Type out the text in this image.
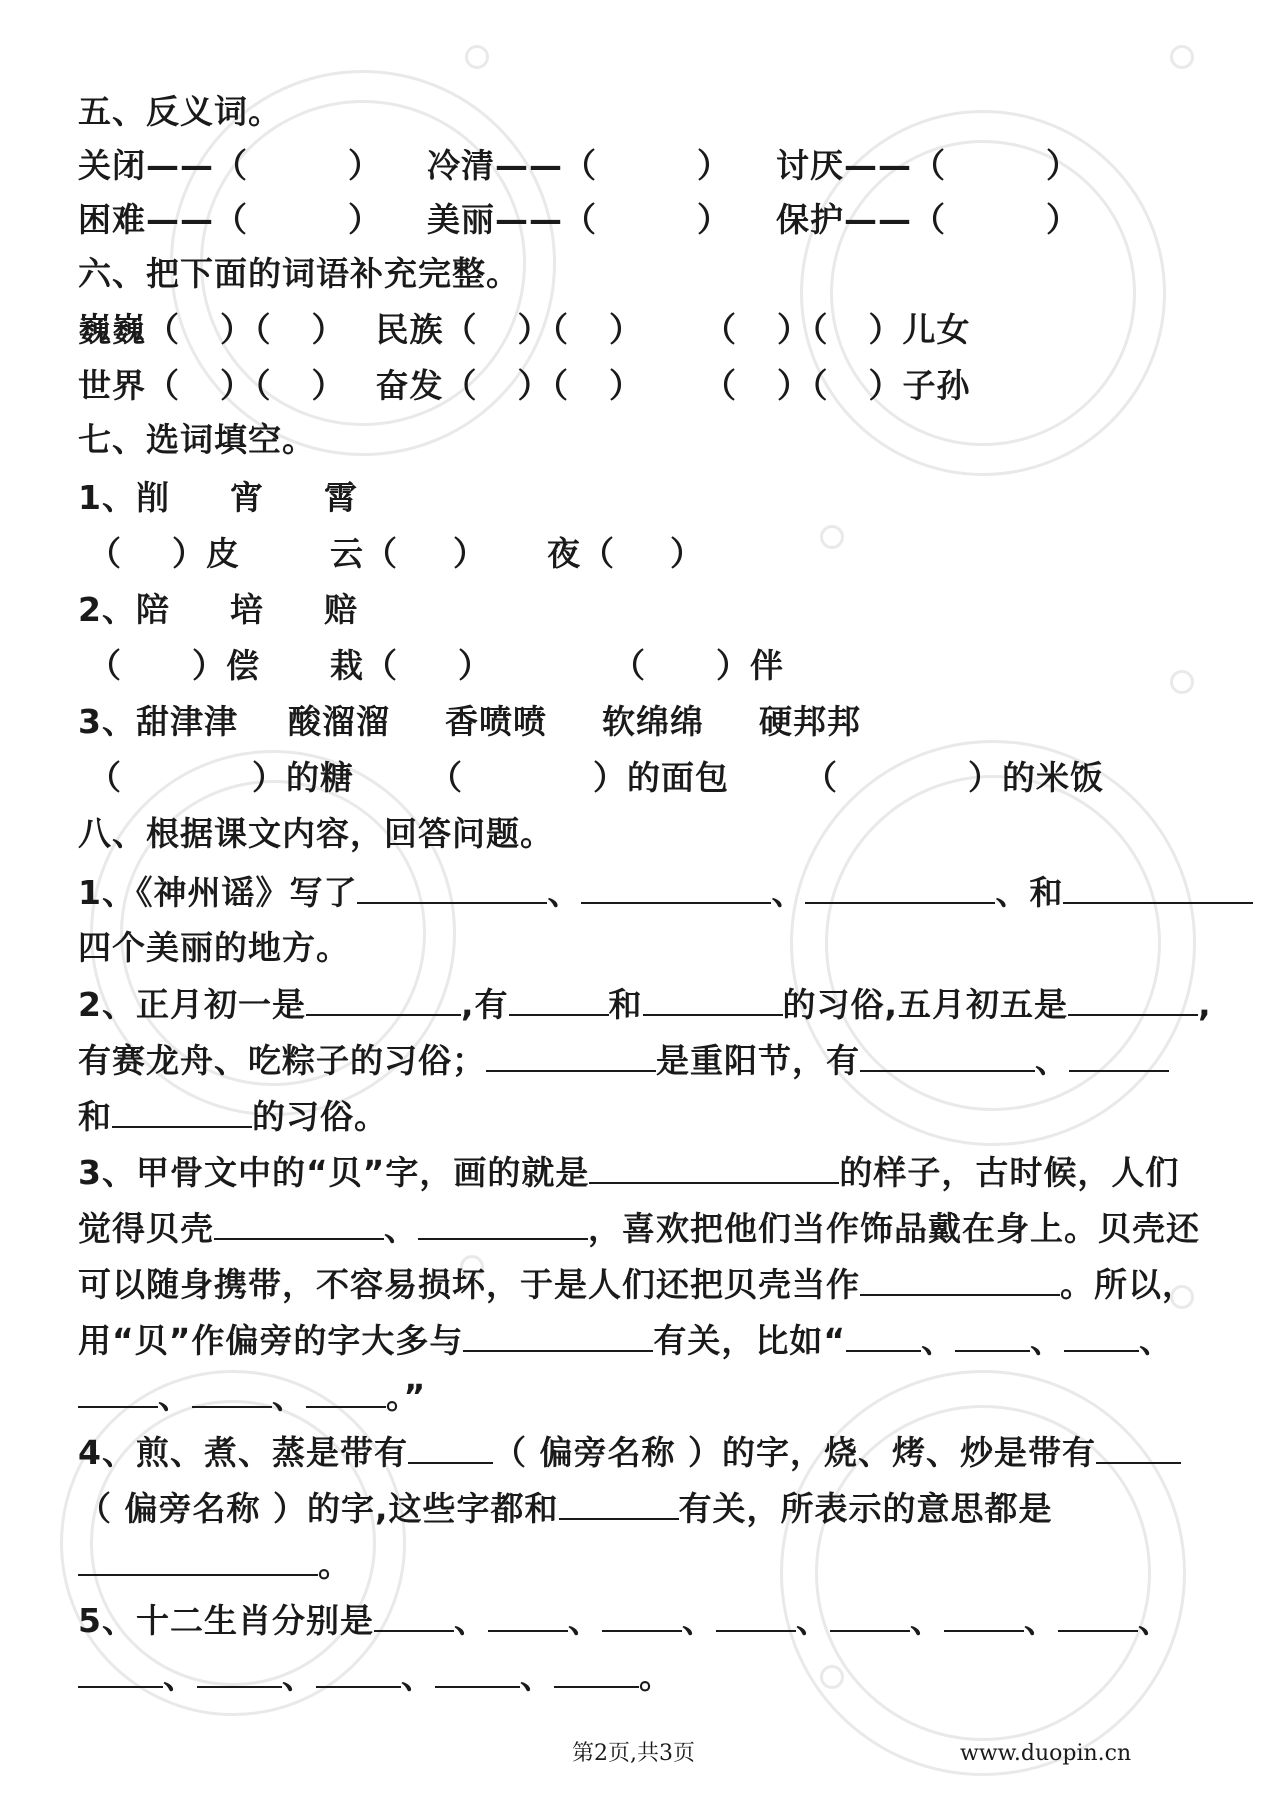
五、反义词。
关闭——（	） 冷清——（	） 讨厌——（	）
困难——（	） 美丽——（	） 保护——（	）
六、把下面的词语补充完整。
巍巍（ ）（ ） 民族（ ）（ ） （ ）（ ）儿女
世界（ ）（ ） 奋发（ ）（ ） （ ）（ ）子孙
七、选词填空。
1、削 宵 霄
（ ）皮	云（ ） 夜（ ）
2、陪 培 赔
（ ）偿 栽（ ）	（ ）伴
3、甜津津 酸溜溜 香喷喷 软绵绵 硬邦邦
（	）的糖 （	）的面包 （	）的米饭
八、根据课文内容，回答问题。
1、《神州谣》写了	、	、	、和
四个美丽的地方。
2、正月初一是	,有	和	的习俗,五月初五是	,
有赛龙舟、吃粽子的习俗；	是重阳节，有	、
和	的习俗。
3、甲骨文中的“贝”字，画的就是	的样子，古时候，人们
觉得贝壳	、	，喜欢把他们当作饰品戴在身上。贝壳还
可以随身携带，不容易损坏，于是人们还把贝壳当作	。所以，
用“贝”作偏旁的字大多与	有关，比如“ 、 、 、
、 、 。”
4、煎、煮、蒸是带有	（ 偏旁名称 ）的字，烧、烤、炒是带有
（ 偏旁名称 ）的字,这些字都和	有关，所表示的意思都是
。
5、十二生肖分别是 、 、 、 、 、 、 、
、	、	、	、	。
第2页,共3页	www.duopin.cn
